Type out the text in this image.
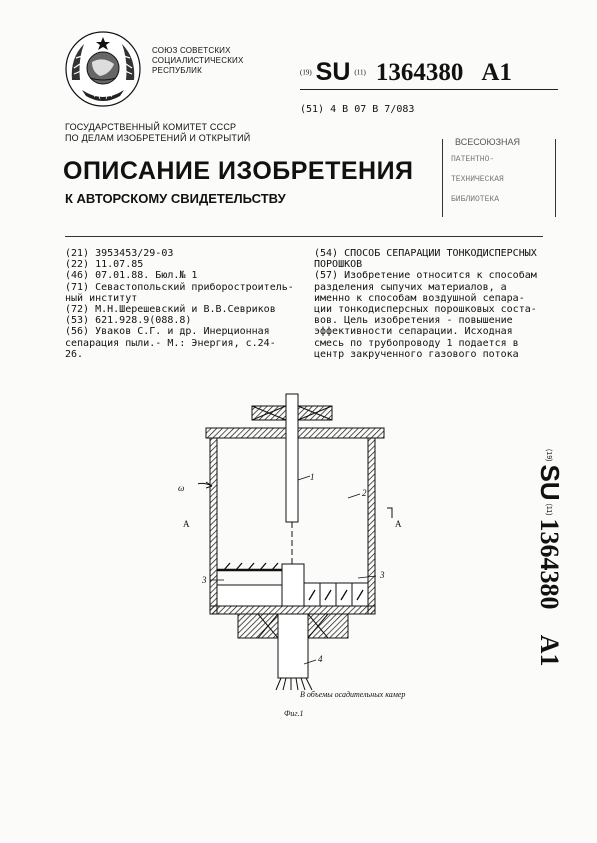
СОЮЗ СОВЕТСКИХ
СОЦИАЛИСТИЧЕСКИХ
РЕСПУБЛИК	(19) SU (11) 1364380 A1
(51) 4 В 07 В 7/083
ГОСУДАРСТВЕННЫЙ КОМИТЕТ СССР
ПО ДЕЛАМ ИЗОБРЕТЕНИЙ И ОТКРЫТИЙ	ВСЕСОЮЗНАЯ
ПАТЕНТНО-
ТЕХНИЧЕСКАЯ
БИБЛИОТЕКА
ОПИСАНИЕ ИЗОБРЕТЕНИЯ
К АВТОРСКОМУ СВИДЕТЕЛЬСТВУ
(21) 3953453/29-03
(22) 11.07.85
(46) 07.01.88. Бюл.№ 1
(71) Севастопольский приборостроитель-
ный институт
(72) М.Н.Шерешевский и В.В.Севриков
(53) 621.928.9(088.8)
(56) Уваков С.Г. и др. Инерционная
сепарация пыли.- М.: Энергия, с.24-
26.
(54) СПОСОБ СЕПАРАЦИИ ТОНКОДИСПЕРСНЫХ
ПОРОШКОВ
(57) Изобретение относится к способам
разделения сыпучих материалов, а
именно к способам воздушной сепара-
ции тонкодисперсных порошковых соста-
вов. Цель изобретения - повышение
эффективности сепарации. Исходная
смесь по трубопроводу 1 подается в
центр закрученного газового потока
1
2
3	3
4
ω
А	А
В объемы осадительных камер
Фиг.1
(19)SU(11)1364380 A1
